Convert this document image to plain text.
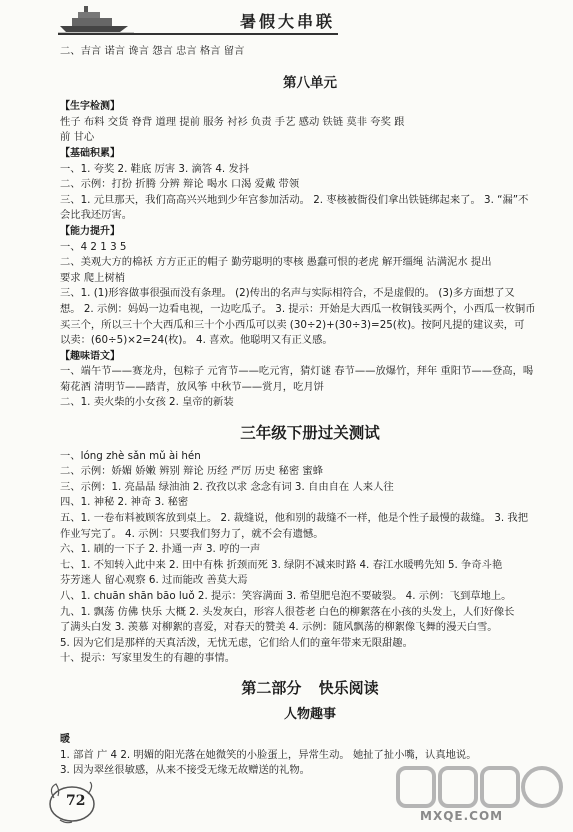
暑假大串联
二、吉言 诺言 谗言 怨言 忠言 格言 留言
第八单元
【生字检测】
性子 布料 交货 脊背 道理 提前 服务 衬衫 负责 手艺 感动 铁链 莫非 夸奖 跟
前 甘心
【基础积累】
一、1. 夸奖 2. 鞋底 厉害 3. 滴答 4. 发抖
二、示例：打扮 折腾 分辨 辩论 喝水 口渴 爱戴 带领
三、1. 元旦那天，我们高高兴兴地到少年宫参加活动。 2. 枣核被衙役们拿出铁链绑起来了。 3. “漏”不
会比我还厉害。
【能力提升】
一、4 2 1 3 5
二、美观大方的棉袄 方方正正的帽子 勤劳聪明的枣核 愚蠢可恨的老虎 解开缰绳 沾满泥水 提出
要求 爬上树梢
三、1. (1)形容做事很强而没有条理。 (2)传出的名声与实际相符合，不是虚假的。 (3)多方面想了又
想。 2. 示例：妈妈一边看电视，一边吃瓜子。 3. 提示：开始是大西瓜一枚铜钱买两个，小西瓜一枚铜币
买三个，所以三十个大西瓜和三十个小西瓜可以卖 (30÷2)+(30÷3)=25(枚)。按阿凡提的建议卖，可
以卖：(60÷5)×2=24(枚)。 4. 喜欢。他聪明又有正义感。
【趣味语文】
一、端午节——赛龙舟，包粽子 元宵节——吃元宵，猜灯谜 春节——放爆竹，拜年 重阳节——登高，喝
菊花酒 清明节——踏青，放风筝 中秋节——赏月，吃月饼
二、1. 卖火柴的小女孩 2. 皇帝的新装
三年级下册过关测试
一、lóng zhè sǎn mǔ ài hén
二、示例：娇媚 娇嫩 辨别 辩论 历经 严厉 历史 秘密 蜜蜂
三、示例：1. 亮晶晶 绿油油 2. 孜孜以求 念念有词 3. 自由自在 人来人往
四、1. 神秘 2. 神奇 3. 秘密
五、1. 一卷布料被顾客放到桌上。 2. 裁缝说，他和别的裁缝不一样，他是个性子最慢的裁缝。 3. 我把
作业写完了。 4. 示例：只要我们努力了，就不会有遗憾。
六、1. 刷的一下子 2. 扑通一声 3. 哼的一声
七、1. 不知转入此中来 2. 田中有株 折颈而死 3. 绿阴不减来时路 4. 春江水暖鸭先知 5. 争奇斗艳
芬芳迷人 留心观察 6. 过而能改 善莫大焉
八、1. chuān shān bāo luǒ 2. 提示：笑容满面 3. 希望肥皂泡不要破裂。 4. 示例：飞到草地上。
九、1. 飘荡 仿佛 快乐 大概 2. 头发灰白，形容人很苍老 白色的柳絮落在小孩的头发上，人们好像长
了满头白发 3. 羡慕 对柳絮的喜爱，对春天的赞美 4. 示例：随风飘荡的柳絮像飞舞的漫天白雪。
5. 因为它们是那样的天真活泼，无忧无虑，它们给人们的童年带来无限甜趣。
十、提示：写家里发生的有趣的事情。
第二部分 快乐阅读
人物趣事
暖
1. 部首 广 4 2. 明媚的阳光落在她微笑的小脸蛋上，异常生动。 她扯了扯小嘴，认真地说。
3. 因为翠丝很敏感，从来不接受无缘无故赠送的礼物。
72
MXQE.COM
